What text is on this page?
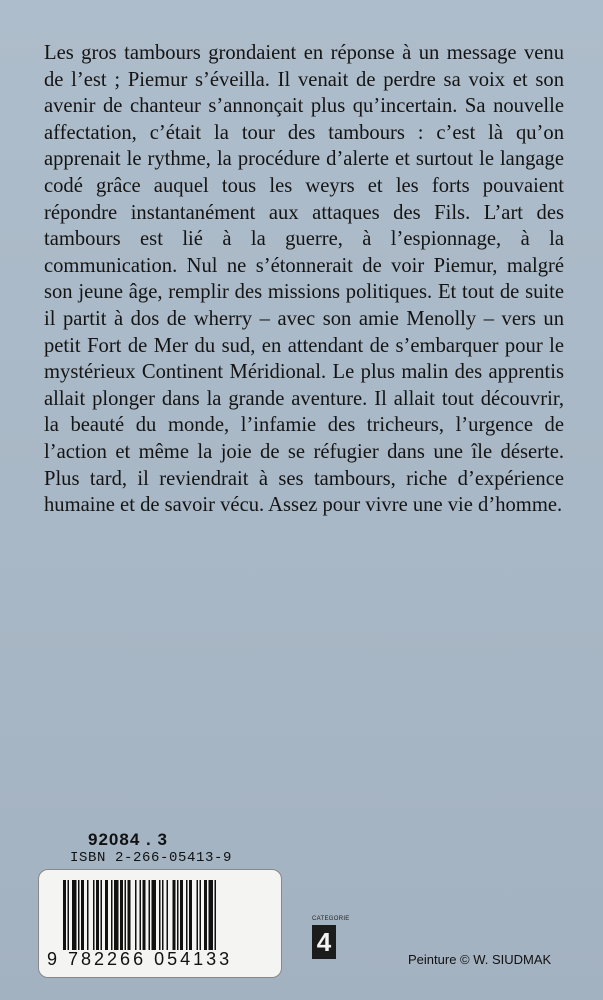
Les gros tambours grondaient en réponse à un message venu de l’est ; Piemur s’éveilla. Il venait de perdre sa voix et son avenir de chanteur s’annonçait plus qu’incertain. Sa nouvelle affectation, c’était la tour des tambours : c’est là qu’on apprenait le rythme, la procédure d’alerte et surtout le langage codé grâce auquel tous les weyrs et les forts pouvaient répondre instantanément aux attaques des Fils. L’art des tambours est lié à la guerre, à l’espionnage, à la communication. Nul ne s’étonnerait de voir Piemur, malgré son jeune âge, remplir des missions politiques. Et tout de suite il partit à dos de wherry – avec son amie Menolly – vers un petit Fort de Mer du sud, en attendant de s’embarquer pour le mystérieux Continent Méridional. Le plus malin des apprentis allait plonger dans la grande aventure. Il allait tout découvrir, la beauté du monde, l’infamie des tricheurs, l’urgence de l’action et même la joie de se réfugier dans une île déserte. Plus tard, il reviendrait à ses tambours, riche d’expérience humaine et de savoir vécu. Assez pour vivre une vie d’homme.

92084 . 3
ISBN 2-266-05413-9
9 782266 054133
CATEGORIE
4
Peinture © W. SIUDMAK
